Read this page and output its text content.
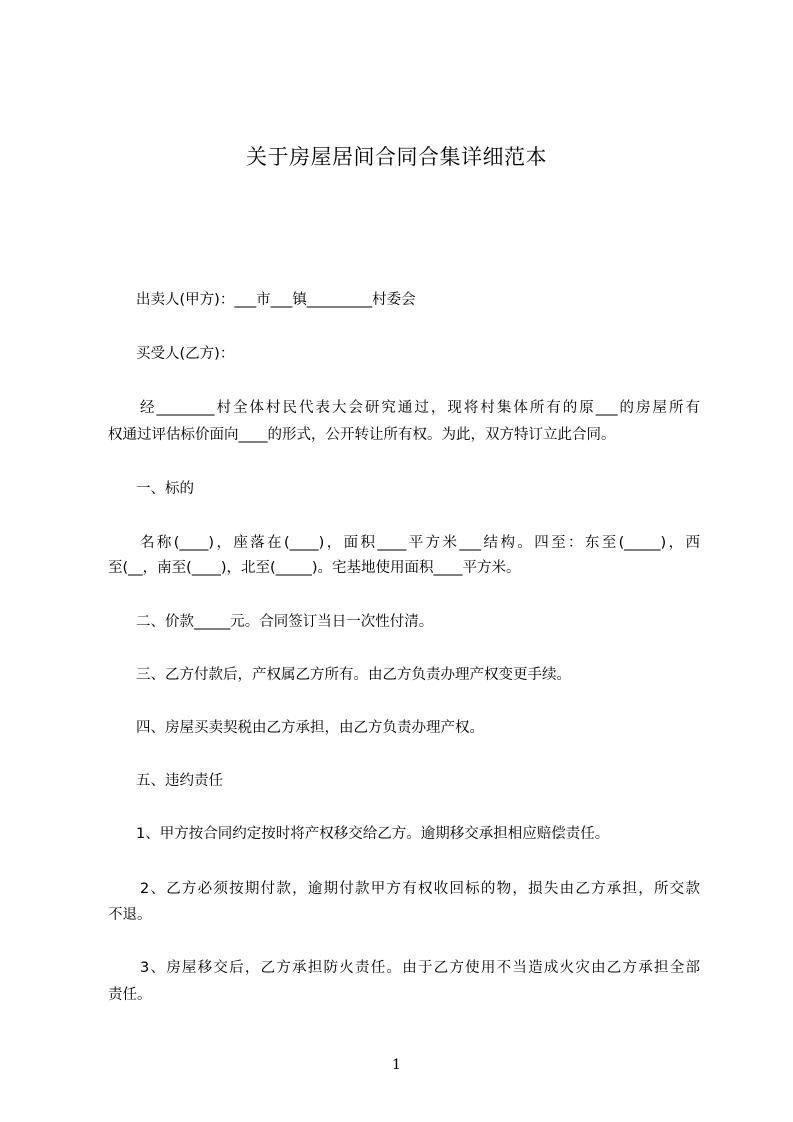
关于房屋居间合同合集详细范本
出卖人(甲方)：___市___镇_________村委会
买受人(乙方)：
经________村全体村民代表大会研究通过，现将村集体所有的原___的房屋所有
权通过评估标价面向____的形式，公开转让所有权。为此，双方特订立此合同。
一、标的
名称(____)，座落在(____)，面积____平方米___结构。四至：东至(_____)，西
至(__，南至(____)，北至(_____)。宅基地使用面积____平方米。
二、价款_____元。合同签订当日一次性付清。
三、乙方付款后，产权属乙方所有。由乙方负责办理产权变更手续。
四、房屋买卖契税由乙方承担，由乙方负责办理产权。
五、违约责任
1、甲方按合同约定按时将产权移交给乙方。逾期移交承担相应赔偿责任。
2、乙方必须按期付款，逾期付款甲方有权收回标的物，损失由乙方承担，所交款
不退。
3、房屋移交后，乙方承担防火责任。由于乙方使用不当造成火灾由乙方承担全部
责任。
1
